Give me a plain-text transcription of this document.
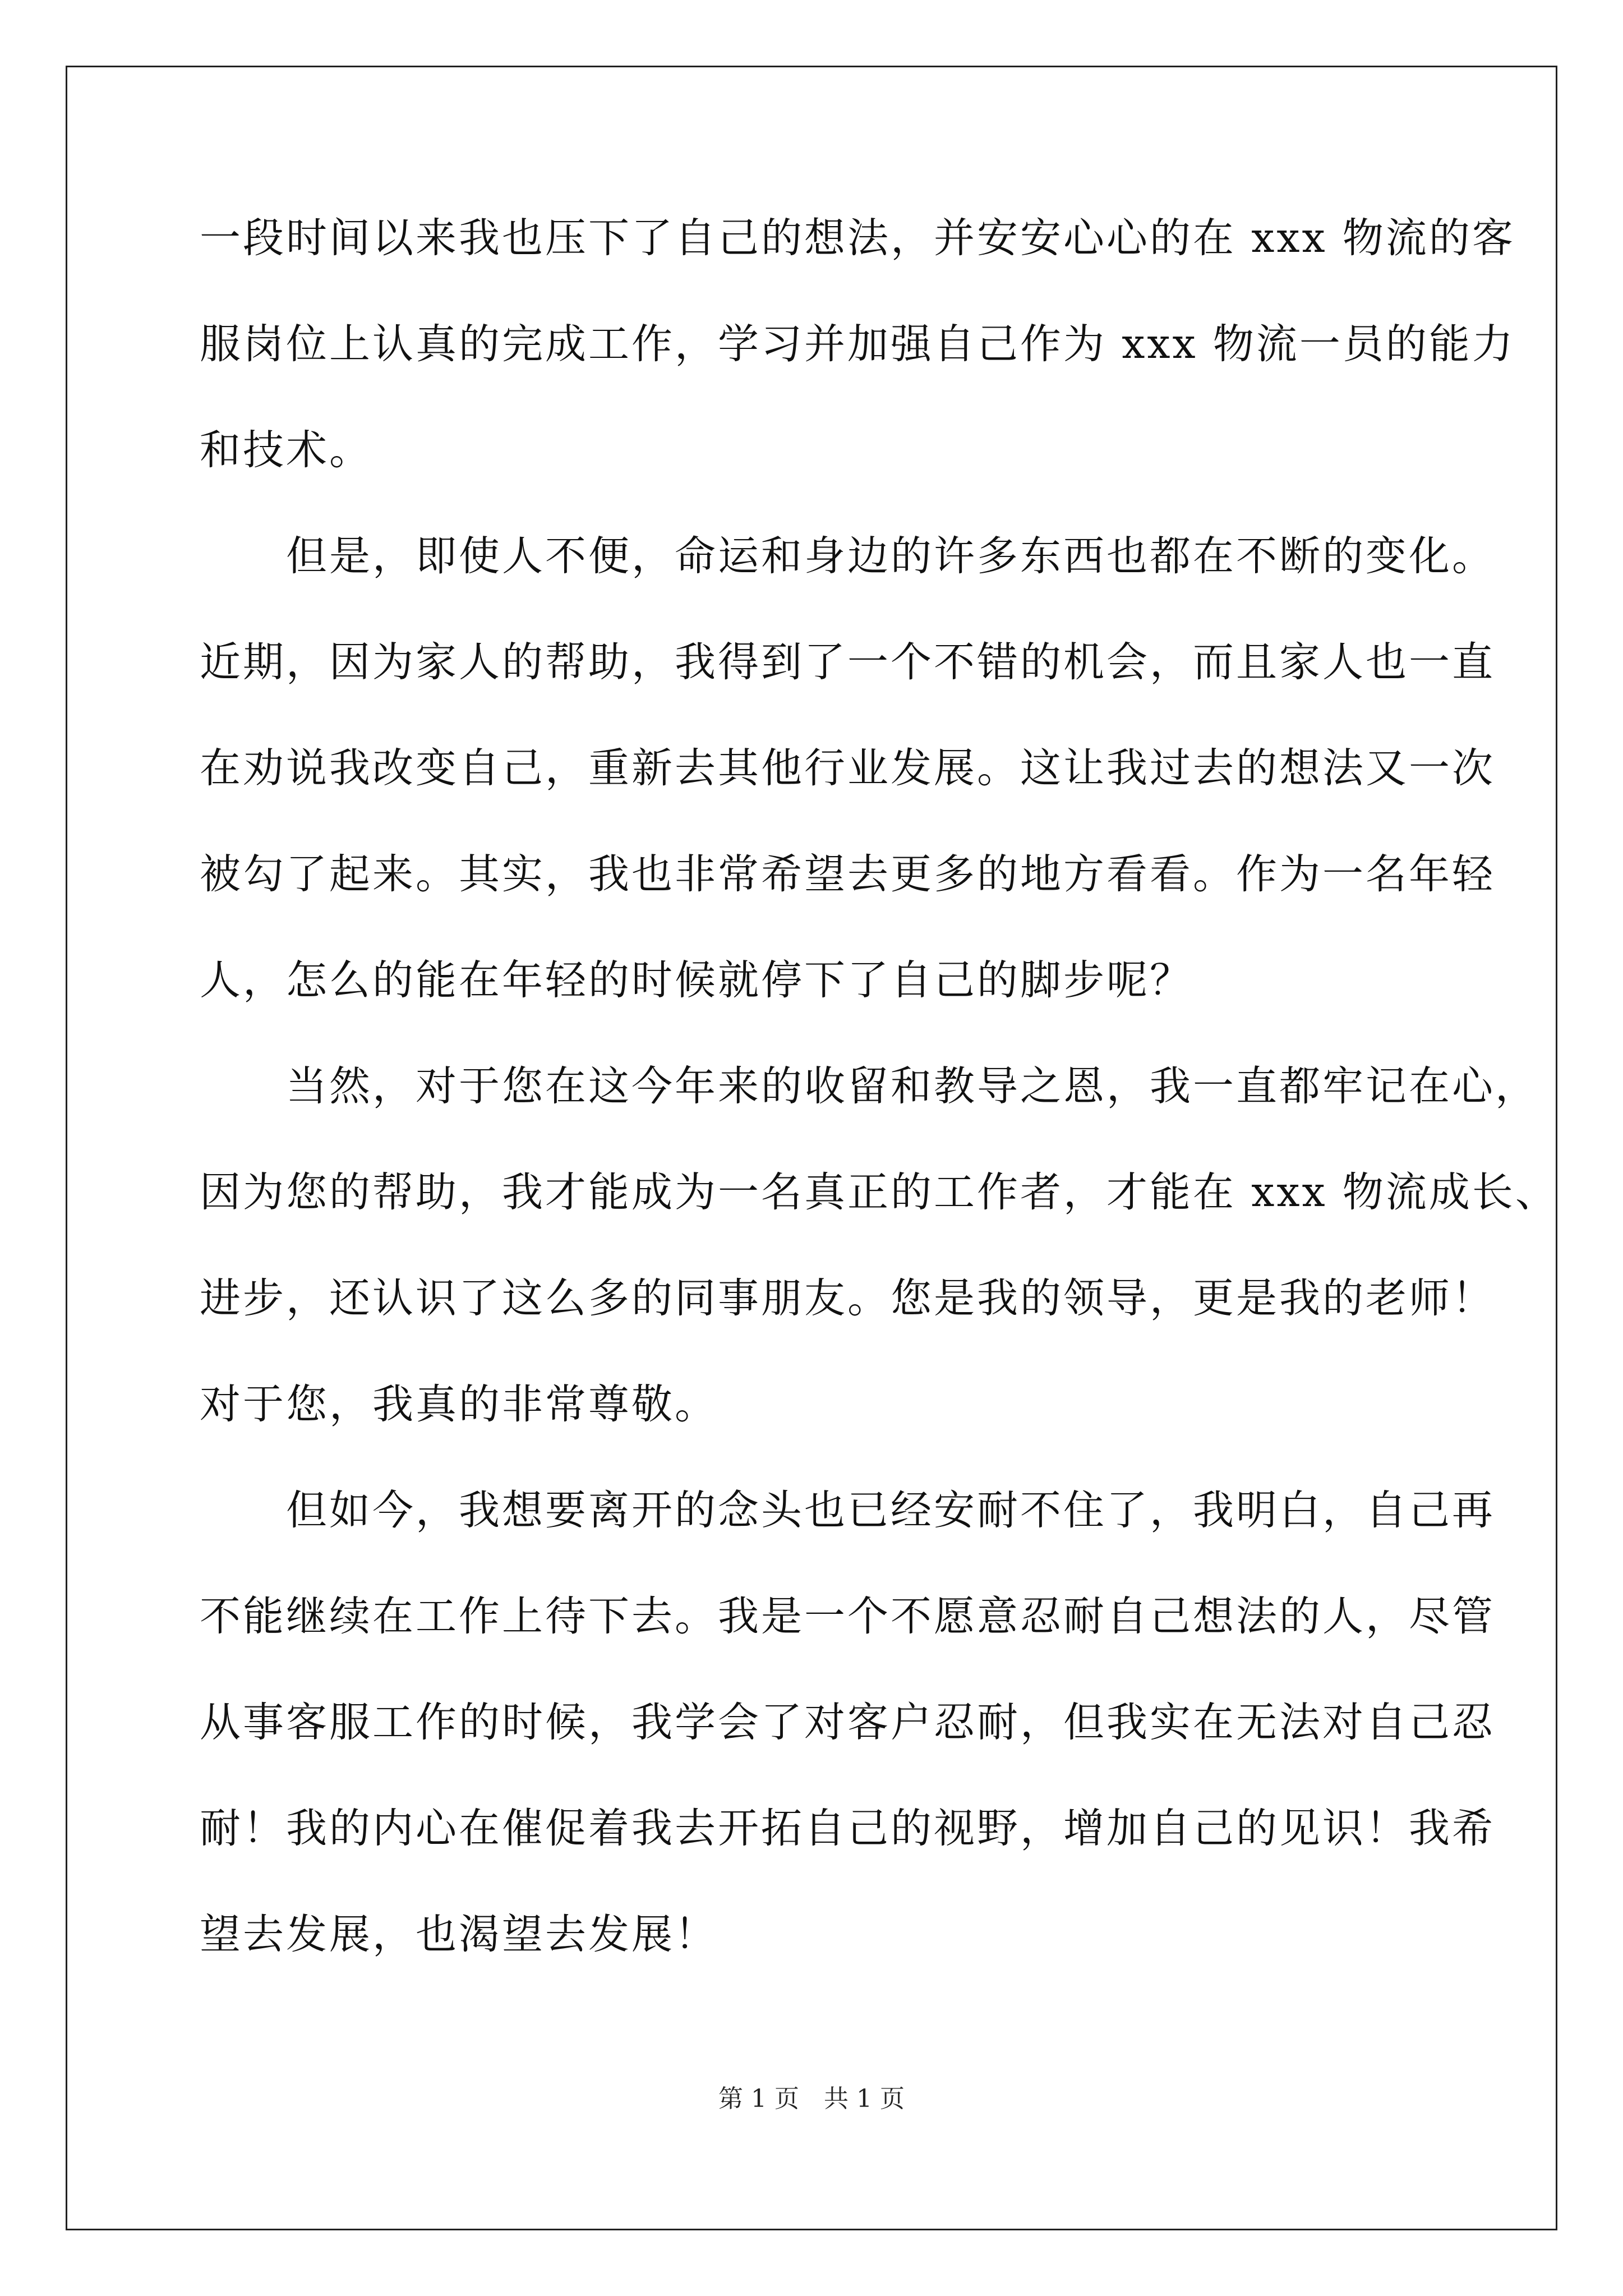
一段时间以来我也压下了自己的想法，并安安心心的在 xxx 物流的客
服岗位上认真的完成工作，学习并加强自己作为 xxx 物流一员的能力
和技术。
　　但是，即使人不便，命运和身边的许多东西也都在不断的变化。
近期，因为家人的帮助，我得到了一个不错的机会，而且家人也一直
在劝说我改变自己，重新去其他行业发展。这让我过去的想法又一次
被勾了起来。其实，我也非常希望去更多的地方看看。作为一名年轻
人，怎么的能在年轻的时候就停下了自己的脚步呢？
　　当然，对于您在这今年来的收留和教导之恩，我一直都牢记在心，
因为您的帮助，我才能成为一名真正的工作者，才能在 xxx 物流成长、
进步，还认识了这么多的同事朋友。您是我的领导，更是我的老师！
对于您，我真的非常尊敬。
　　但如今，我想要离开的念头也已经安耐不住了，我明白，自己再
不能继续在工作上待下去。我是一个不愿意忍耐自己想法的人，尽管
从事客服工作的时候，我学会了对客户忍耐，但我实在无法对自己忍
耐！我的内心在催促着我去开拓自己的视野，增加自己的见识！我希
望去发展，也渴望去发展！
第 1 页　共 1 页
